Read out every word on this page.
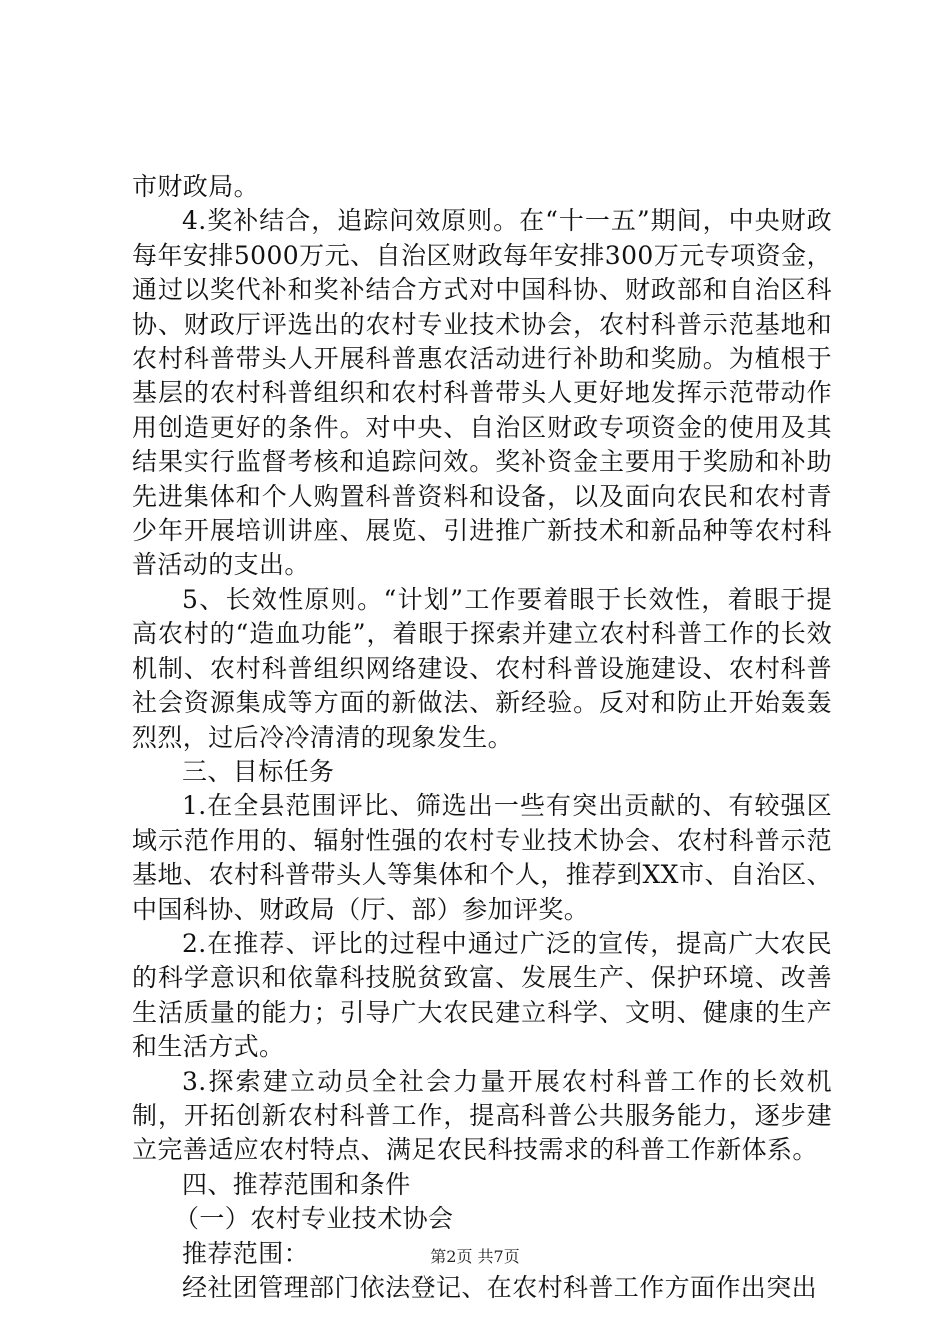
市财政局。

4.奖补结合，追踪问效原则。在“十一五”期间，中央财政每年安排5000万元、自治区财政每年安排300万元专项资金，通过以奖代补和奖补结合方式对中国科协、财政部和自治区科协、财政厅评选出的农村专业技术协会，农村科普示范基地和农村科普带头人开展科普惠农活动进行补助和奖励。为植根于基层的农村科普组织和农村科普带头人更好地发挥示范带动作用创造更好的条件。对中央、自治区财政专项资金的使用及其结果实行监督考核和追踪问效。奖补资金主要用于奖励和补助先进集体和个人购置科普资料和设备，以及面向农民和农村青少年开展培训讲座、展览、引进推广新技术和新品种等农村科普活动的支出。

5、长效性原则。“计划”工作要着眼于长效性，着眼于提高农村的“造血功能”，着眼于探索并建立农村科普工作的长效机制、农村科普组织网络建设、农村科普设施建设、农村科普社会资源集成等方面的新做法、新经验。反对和防止开始轰轰烈烈，过后冷冷清清的现象发生。

三、目标任务

1.在全县范围评比、筛选出一些有突出贡献的、有较强区域示范作用的、辐射性强的农村专业技术协会、农村科普示范基地、农村科普带头人等集体和个人，推荐到XX市、自治区、中国科协、财政局（厅、部）参加评奖。

2.在推荐、评比的过程中通过广泛的宣传，提高广大农民的科学意识和依靠科技脱贫致富、发展生产、保护环境、改善生活质量的能力；引导广大农民建立科学、文明、健康的生产和生活方式。

3.探索建立动员全社会力量开展农村科普工作的长效机制，开拓创新农村科普工作，提高科普公共服务能力，逐步建立完善适应农村特点、满足农民科技需求的科普工作新体系。

四、推荐范围和条件

（一）农村专业技术协会

推荐范围：

经社团管理部门依法登记、在农村科普工作方面作出突出

第2页 共7页
